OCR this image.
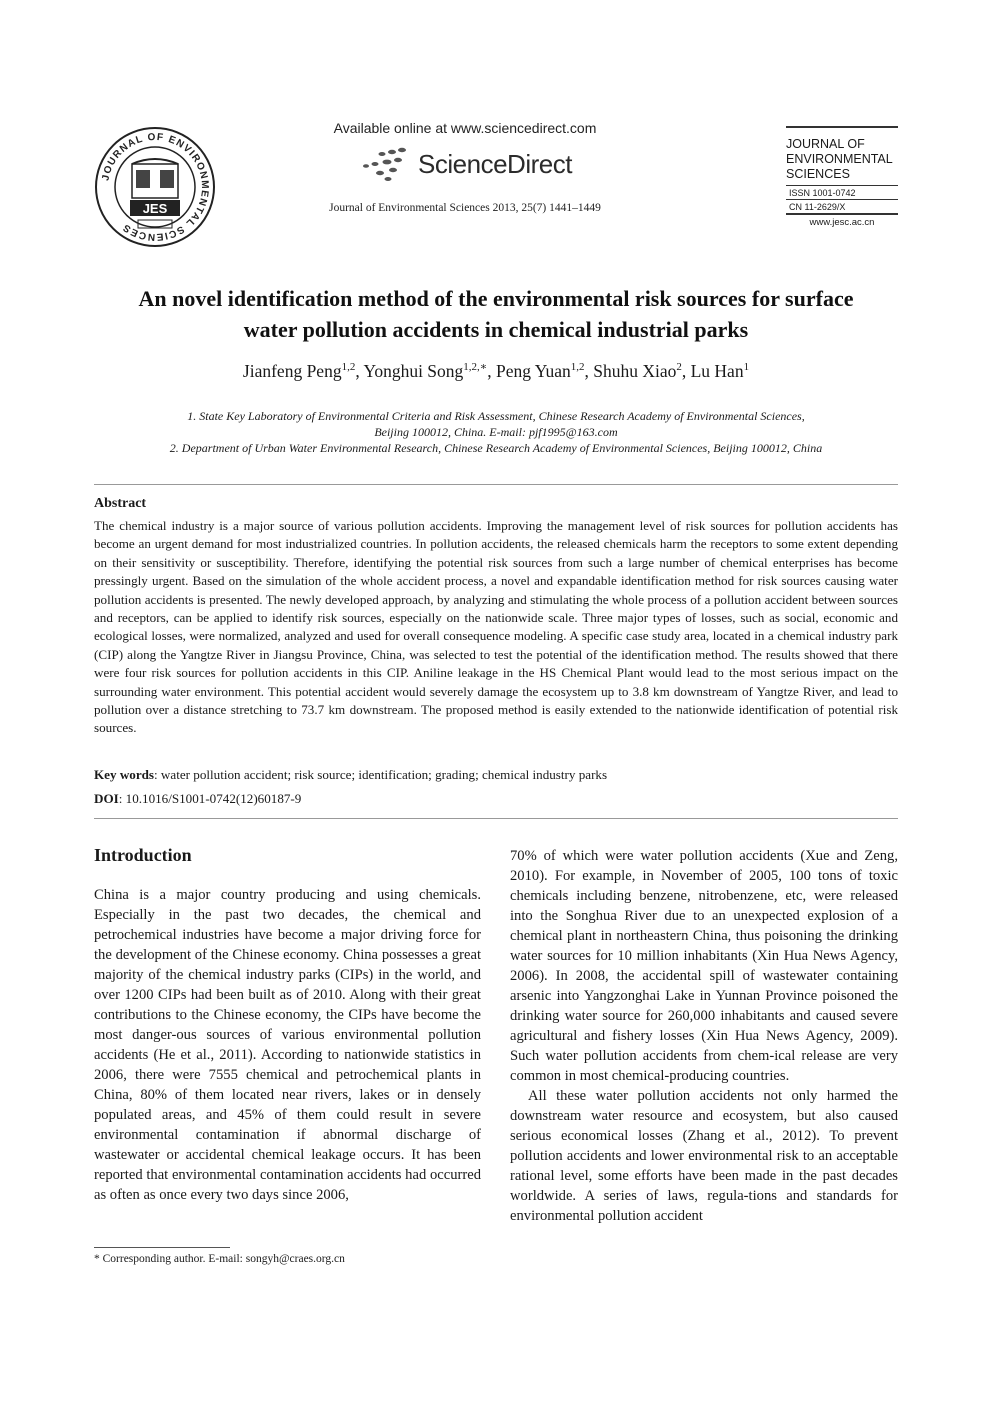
JOURNAL OF ENVIRONMENTAL SCIENCES
JES
Available online at www.sciencedirect.com
ScienceDirect
Journal of Environmental Sciences 2013, 25(7) 1441–1449
JOURNAL OF
ENVIRONMENTAL
SCIENCES
ISSN 1001-0742
CN 11-2629/X
www.jesc.ac.cn
An novel identification method of the environmental risk sources for surface
water pollution accidents in chemical industrial parks
Jianfeng Peng$^{1,2}$, Yonghui Song$^{1,2,∗}$, Peng Yuan$^{1,2}$, Shuhu Xiao$^2$, Lu Han$^1$
1. State Key Laboratory of Environmental Criteria and Risk Assessment, Chinese Research Academy of Environmental Sciences,
Beijing 100012, China. E-mail: pjf1995@163.com
2. Department of Urban Water Environmental Research, Chinese Research Academy of Environmental Sciences, Beijing 100012, China
Abstract
The chemical industry is a major source of various pollution accidents. Improving the management level of risk sources for pollution accidents has become an urgent demand for most industrialized countries. In pollution accidents, the released chemicals harm the receptors to some extent depending on their sensitivity or susceptibility. Therefore, identifying the potential risk sources from such a large number of chemical enterprises has become pressingly urgent. Based on the simulation of the whole accident process, a novel and expandable identification method for risk sources causing water pollution accidents is presented. The newly developed approach, by analyzing and stimulating the whole process of a pollution accident between sources and receptors, can be applied to identify risk sources, especially on the nationwide scale. Three major types of losses, such as social, economic and ecological losses, were normalized, analyzed and used for overall consequence modeling. A specific case study area, located in a chemical industry park (CIP) along the Yangtze River in Jiangsu Province, China, was selected to test the potential of the identification method. The results showed that there were four risk sources for pollution accidents in this CIP. Aniline leakage in the HS Chemical Plant would lead to the most serious impact on the surrounding water environment. This potential accident would severely damage the ecosystem up to 3.8 km downstream of Yangtze River, and lead to pollution over a distance stretching to 73.7 km downstream. The proposed method is easily extended to the nationwide identification of potential risk sources.
Key words: water pollution accident; risk source; identification; grading; chemical industry parks
DOI: 10.1016/S1001-0742(12)60187-9
Introduction

China is a major country producing and using chemicals. Especially in the past two decades, the chemical and petrochemical industries have become a major driving force for the development of the Chinese economy. China possesses a great majority of the chemical industry parks (CIPs) in the world, and over 1200 CIPs had been built as of 2010. Along with their great contributions to the Chinese economy, the CIPs have become the most danger-ous sources of various environmental pollution accidents (He et al., 2011). According to nationwide statistics in 2006, there were 7555 chemical and petrochemical plants in China, 80% of them located near rivers, lakes or in densely populated areas, and 45% of them could result in severe environmental contamination if abnormal discharge of wastewater or accidental chemical leakage occurs. It has been reported that environmental contamination accidents had occurred as often as once every two days since 2006,

70% of which were water pollution accidents (Xue and Zeng, 2010). For example, in November of 2005, 100 tons of toxic chemicals including benzene, nitrobenzene, etc, were released into the Songhua River due to an unexpected explosion of a chemical plant in northeastern China, thus poisoning the drinking water sources for 10 million inhabitants (Xin Hua News Agency, 2006). In 2008, the accidental spill of wastewater containing arsenic into Yangzonghai Lake in Yunnan Province poisoned the drinking water source for 260,000 inhabitants and caused severe agricultural and fishery losses (Xin Hua News Agency, 2009). Such water pollution accidents from chem-ical release are very common in most chemical-producing countries.

All these water pollution accidents not only harmed the downstream water resource and ecosystem, but also caused serious economical losses (Zhang et al., 2012). To prevent pollution accidents and lower environmental risk to an acceptable rational level, some efforts have been made in the past decades worldwide. A series of laws, regula-tions and standards for environmental pollution accident

* Corresponding author. E-mail: songyh@craes.org.cn
